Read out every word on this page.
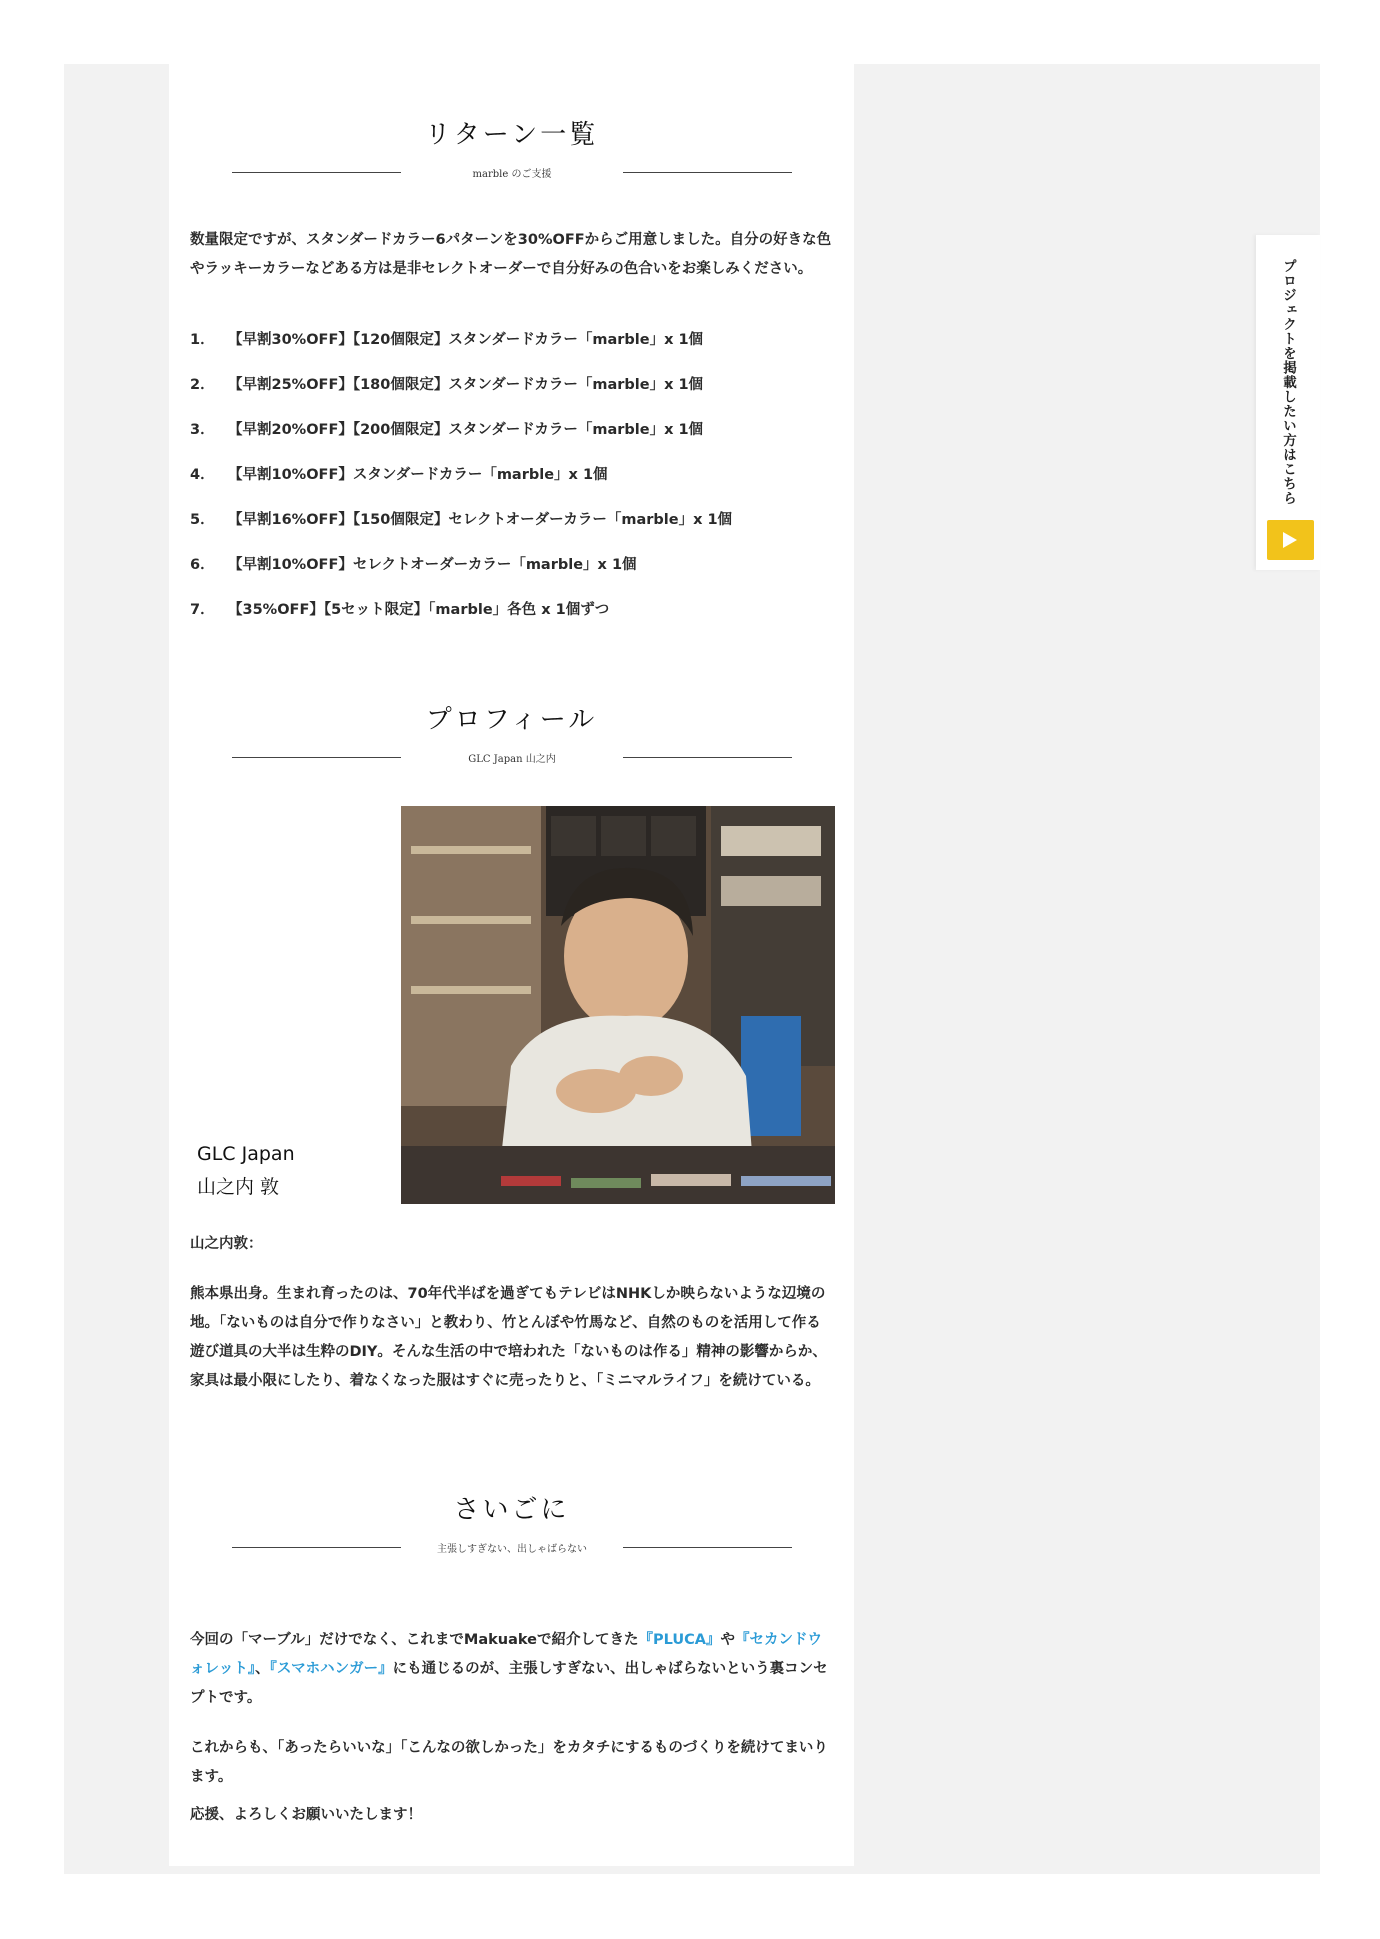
リターン一覧
marble のご支援

数量限定ですが、スタンダードカラー6パターンを30%OFFからご用意しました。自分の好きな色やラッキーカラーなどある方は是非セレクトオーダーで自分好みの色合いをお楽しみください。

1． 【早割30%OFF】【120個限定】スタンダードカラー「marble」x 1個
2． 【早割25%OFF】【180個限定】スタンダードカラー「marble」x 1個
3． 【早割20%OFF】【200個限定】スタンダードカラー「marble」x 1個
4． 【早割10%OFF】スタンダードカラー「marble」x 1個
5． 【早割16%OFF】【150個限定】セレクトオーダーカラー「marble」x 1個
6． 【早割10%OFF】セレクトオーダーカラー「marble」x 1個
7． 【35%OFF】【5セット限定】「marble」各色 x 1個ずつ
プロフィール
GLC Japan 山之内

GLC Japan
山之内 敦

山之内敦：

熊本県出身。生まれ育ったのは、70年代半ばを過ぎてもテレビはNHKしか映らないような辺境の地。「ないものは自分で作りなさい」と教わり、竹とんぼや竹馬など、自然のものを活用して作る遊び道具の大半は生粋のDIY。そんな生活の中で培われた「ないものは作る」精神の影響からか、家具は最小限にしたり、着なくなった服はすぐに売ったりと、「ミニマルライフ」を続けている。

さいごに
主張しすぎない、出しゃばらない

今回の「マーブル」だけでなく、これまでMakuakeで紹介してきた『PLUCA』や『セカンドウォレット』、『スマホハンガー』にも通じるのが、主張しすぎない、出しゃばらないという裏コンセプトです。

これからも、「あったらいいな」「こんなの欲しかった」をカタチにするものづくりを続けてまいります。

応援、よろしくお願いいたします！

プロジェクトを掲載したい方はこちら
